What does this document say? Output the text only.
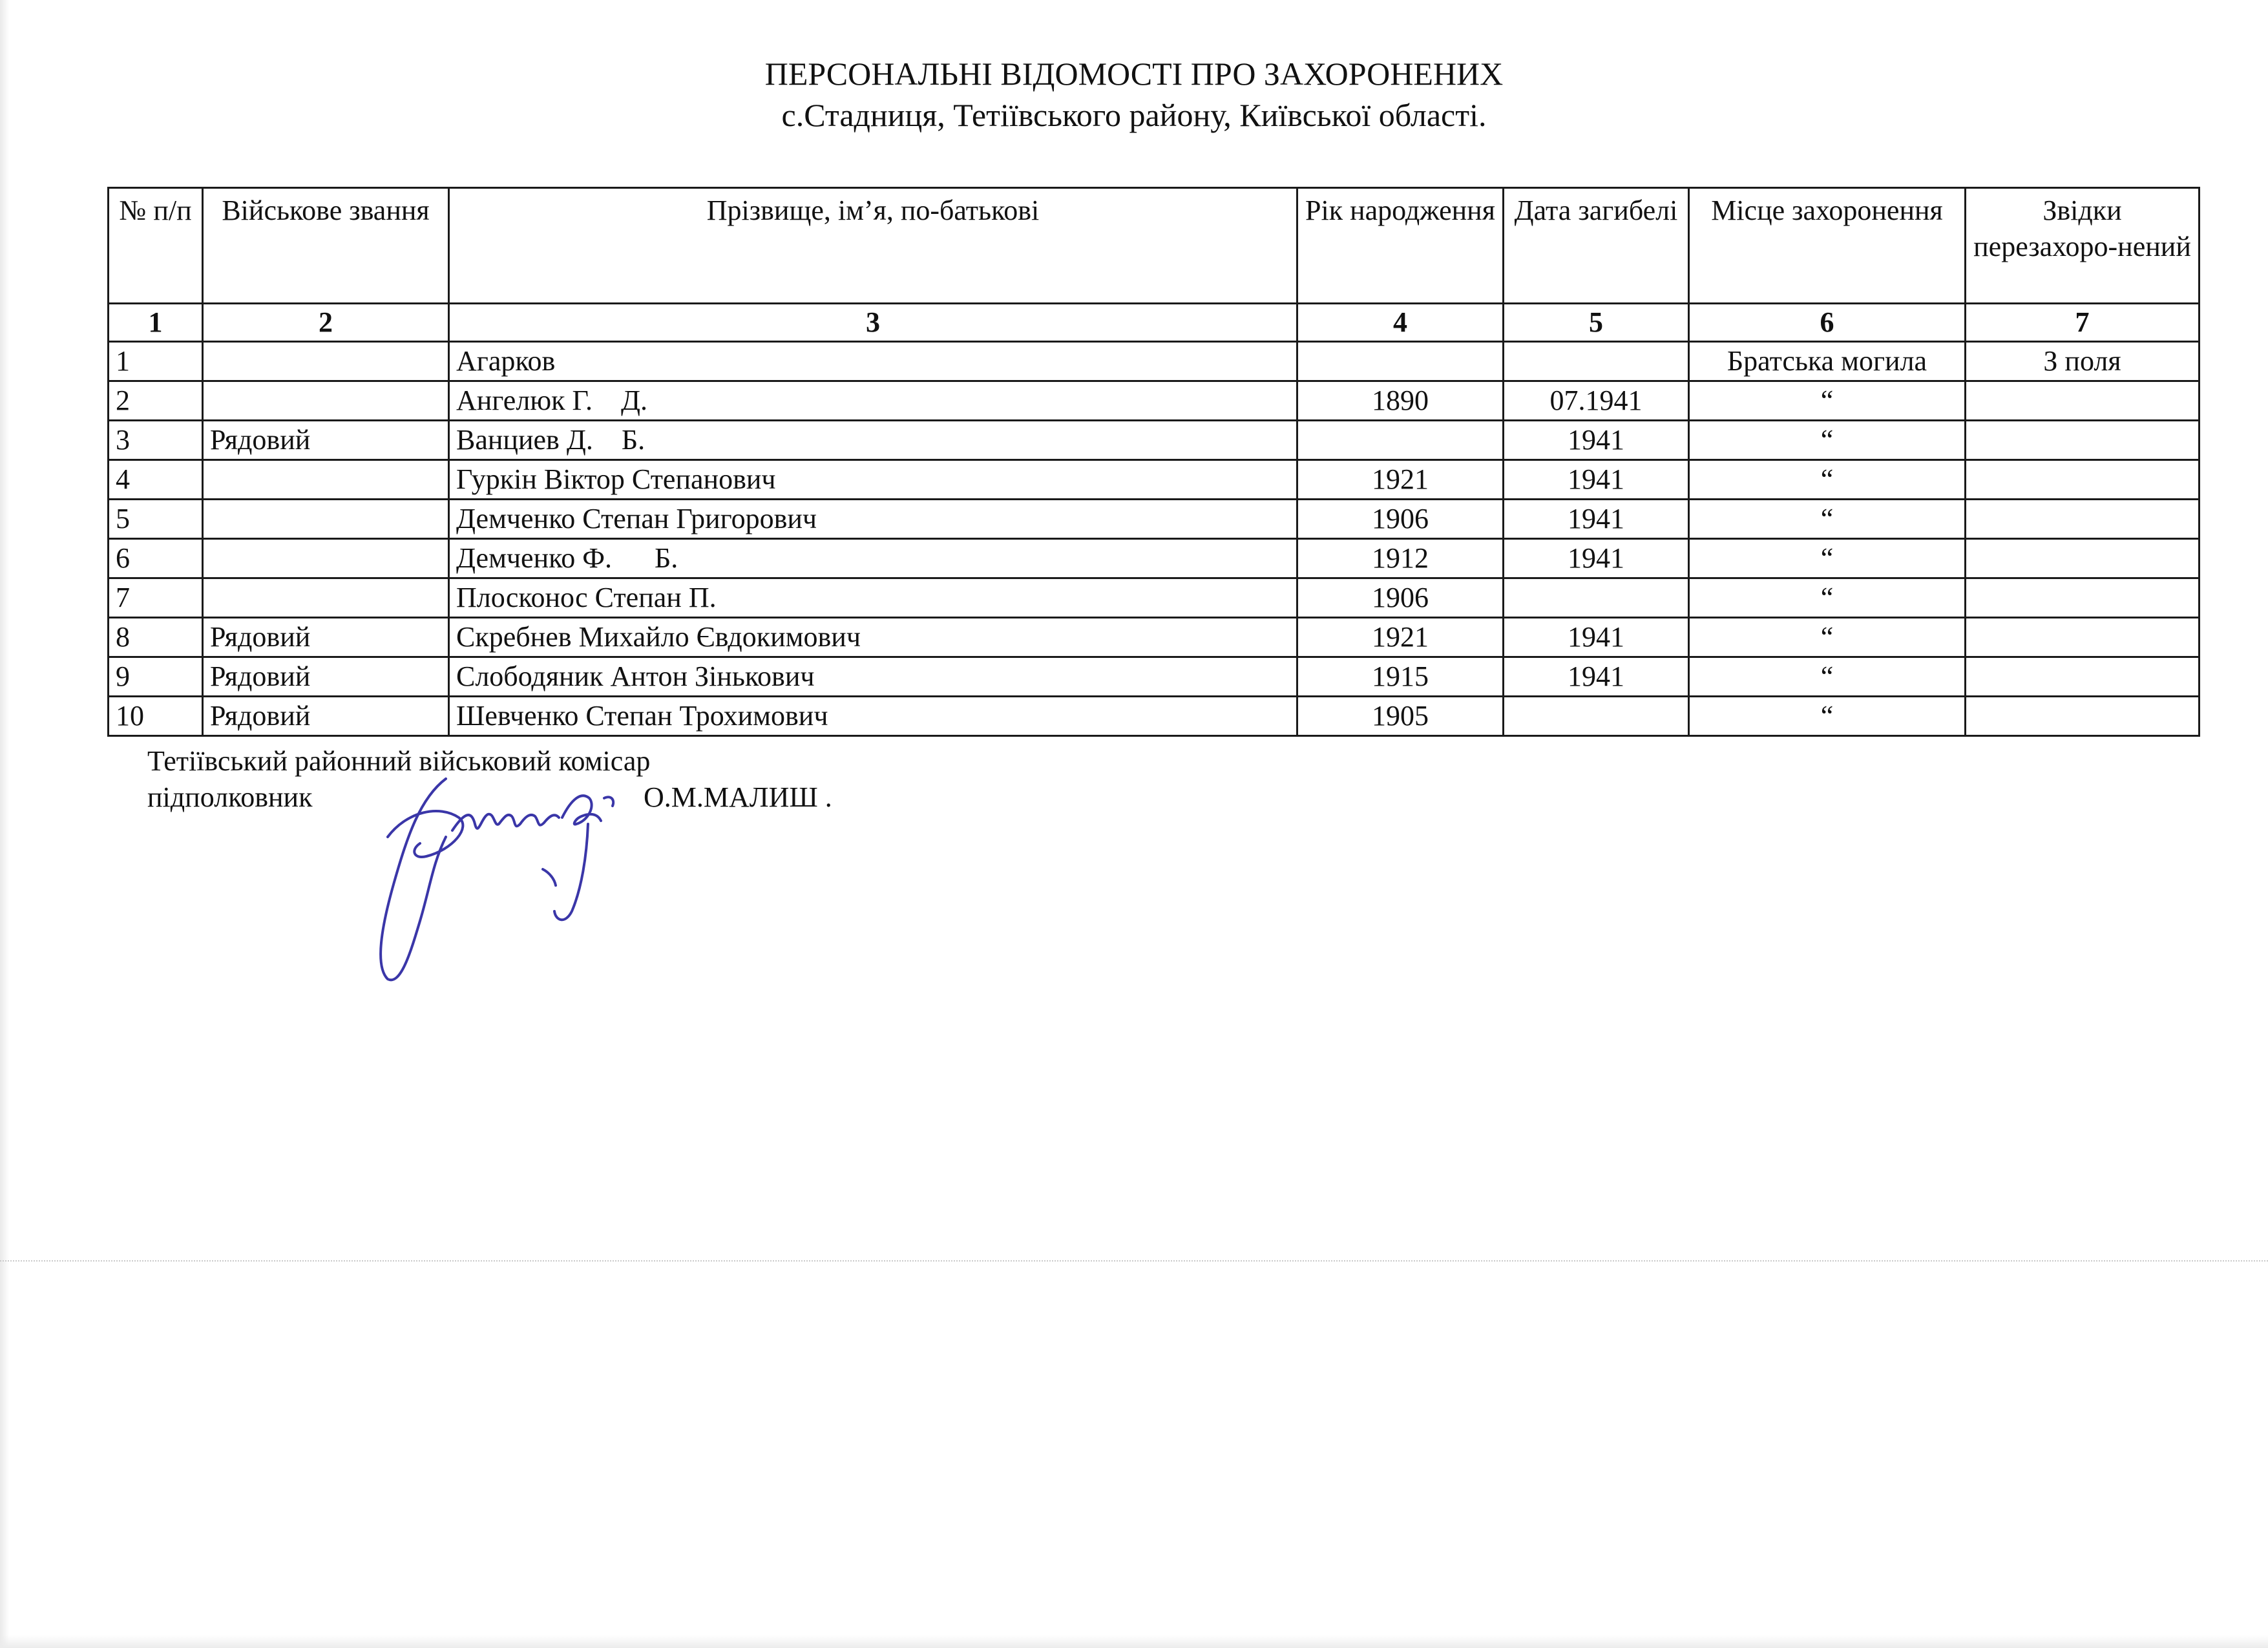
ПЕРСОНАЛЬНІ ВІДОМОСТІ ПРО ЗАХОРОНЕНИХ
с.Стадниця, Тетіївського району, Київської області.
№ п/п	Військове звання	Прізвище, ім’я, по-батькові	Рік народження	Дата загибелі	Місце захоронення	Звідки перезахоро-нений
1	2	3	4	5	6	7
1		Агарков			Братська могила	З поля
2		Ангелюк Г.    Д.	1890	07.1941	“	
3	Рядовий	Ванциев Д.    Б.		1941	“	
4		Гуркін Віктор Степанович	1921	1941	“	
5		Демченко Степан Григорович	1906	1941	“	
6		Демченко Ф.      Б.	1912	1941	“	
7		Плосконос Степан П.	1906		“	
8	Рядовий	Скребнев Михайло Євдокимович	1921	1941	“	
9	Рядовий	Слободяник Антон Зінькович	1915	1941	“	
10	Рядовий	Шевченко Степан Трохимович	1905		“	
Тетіївський районний військовий комісар
підполковник	О.М.МАЛИШ .
